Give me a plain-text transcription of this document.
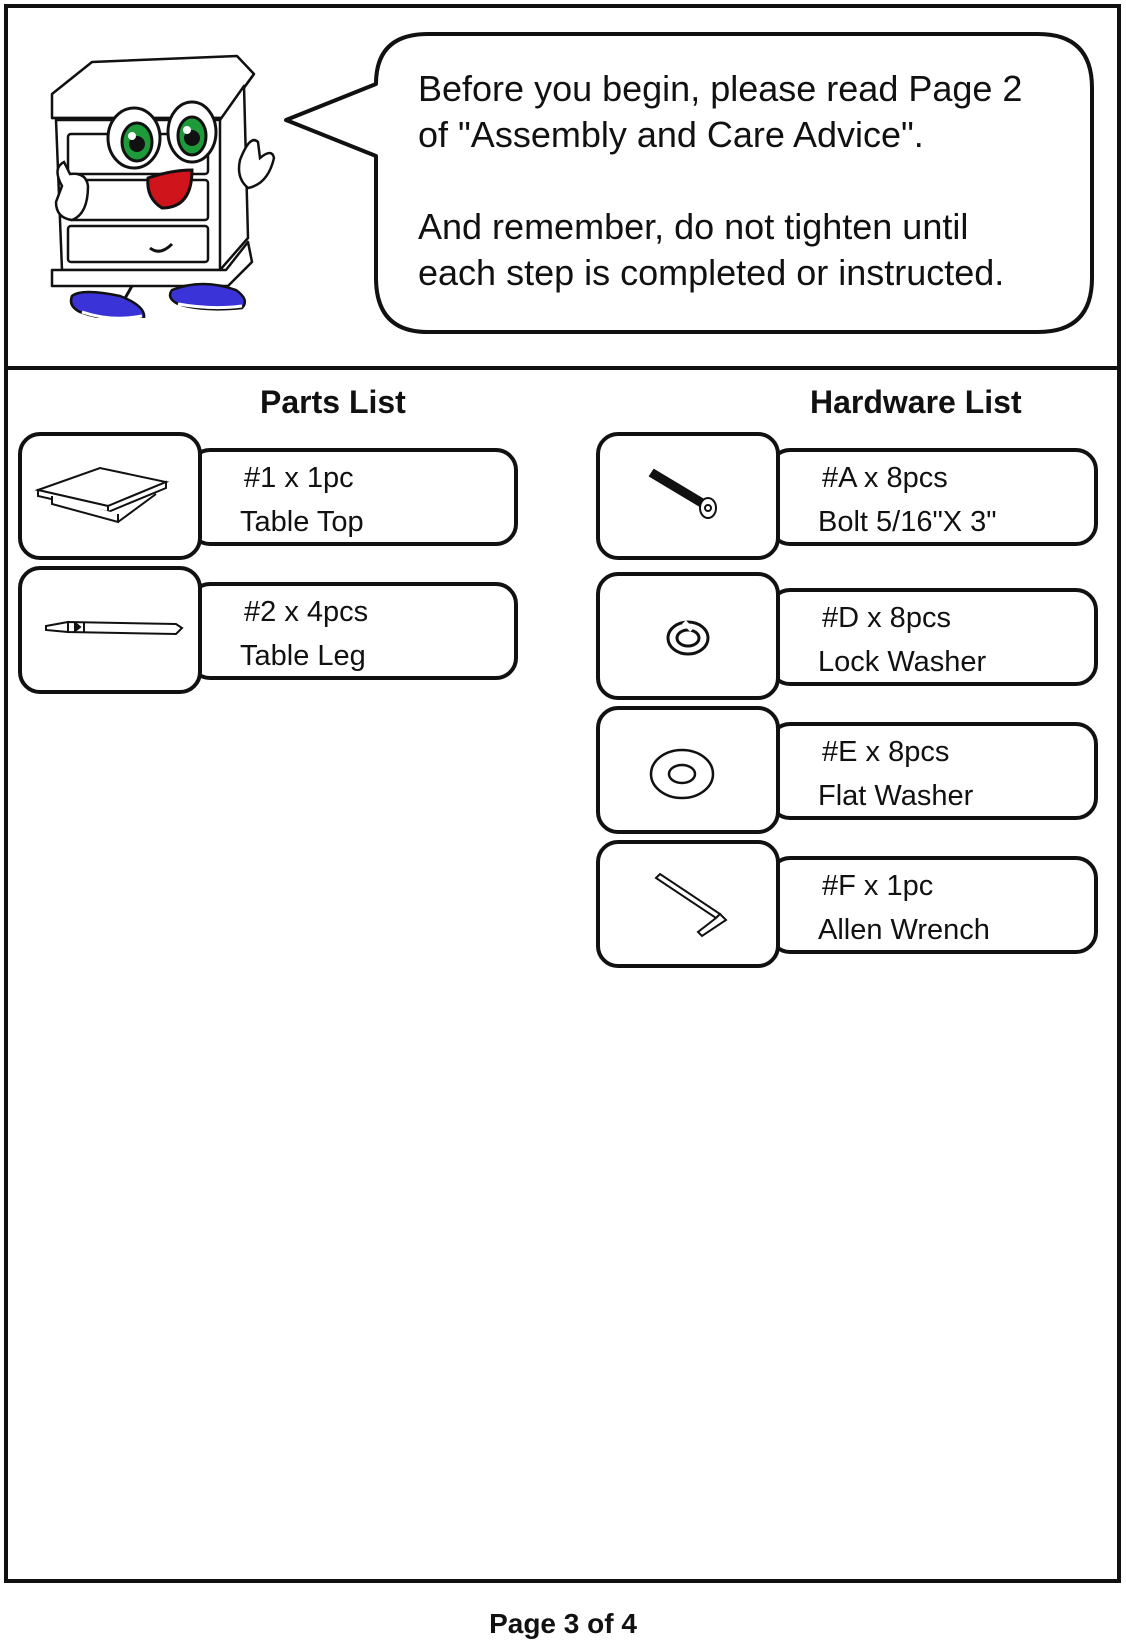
Before you begin, please read Page 2
of "Assembly and Care Advice".
And remember, do not tighten until
each step is completed or instructed.
Parts List	Hardware List
#1 x 1pc
Table Top
#2 x 4pcs
Table Leg
#A x 8pcs
Bolt 5/16"X 3"
#D x 8pcs
Lock Washer
#E x 8pcs
Flat Washer
#F x 1pc
Allen Wrench
Page 3 of 4
